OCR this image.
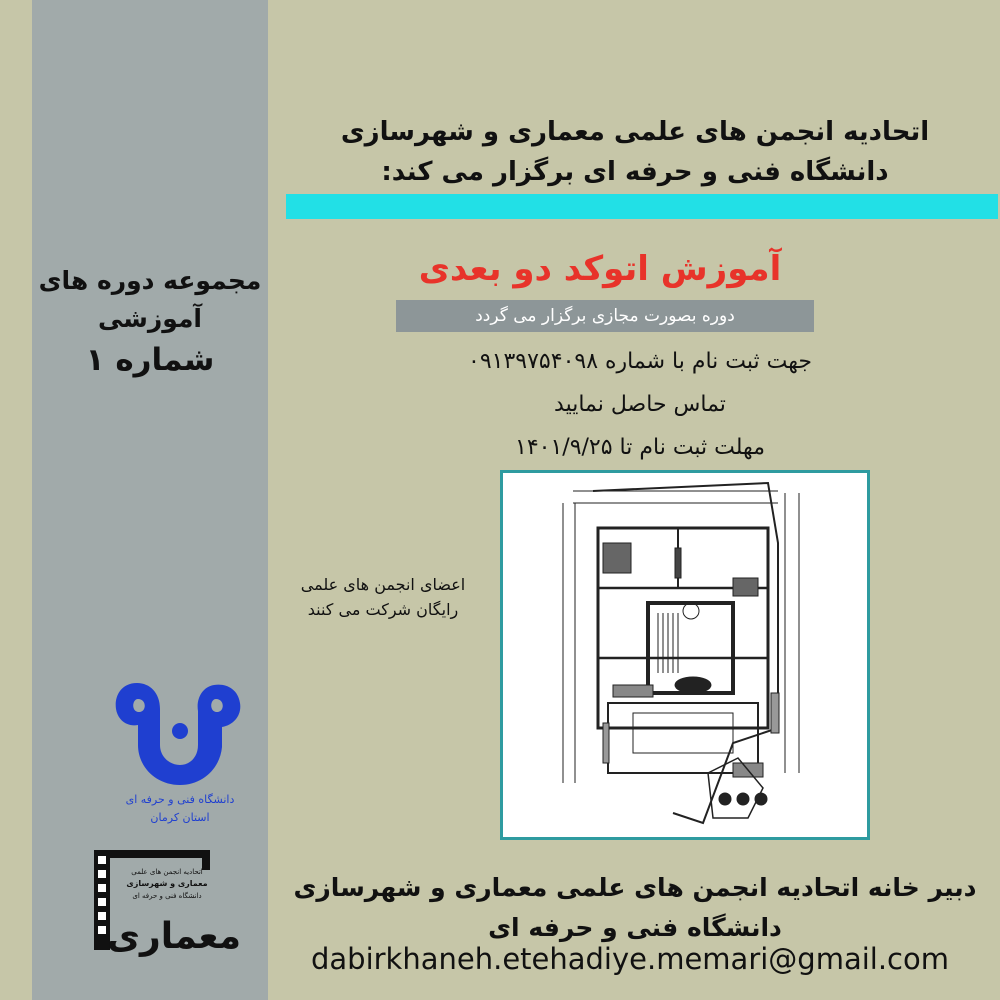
مجموعه دوره های
آموزشی
شماره ۱
دانشگاه فنی و حرفه ای
استان کرمان
اتحادیه انجمن های علمی
معماری و شهرسازی
دانشگاه فنی و حرفه ای
معماری
اتحادیه انجمن های علمی معماری و شهرسازی
دانشگاه فنی و حرفه ای برگزار می کند:
آموزش اتوکد دو بعدی
دوره بصورت مجازی برگزار می گردد
جهت ثبت نام با شماره ۰۹۱۳۹۷۵۴۰۹۸
تماس حاصل نمایید
مهلت ثبت نام تا ۱۴۰۱/۹/۲۵
اعضای انجمن های علمی
رایگان شرکت می کنند
دبیر خانه اتحادیه انجمن های علمی معماری و شهرسازی
دانشگاه فنی و حرفه ای
dabirkhaneh.etehadiye.memari@gmail.com
